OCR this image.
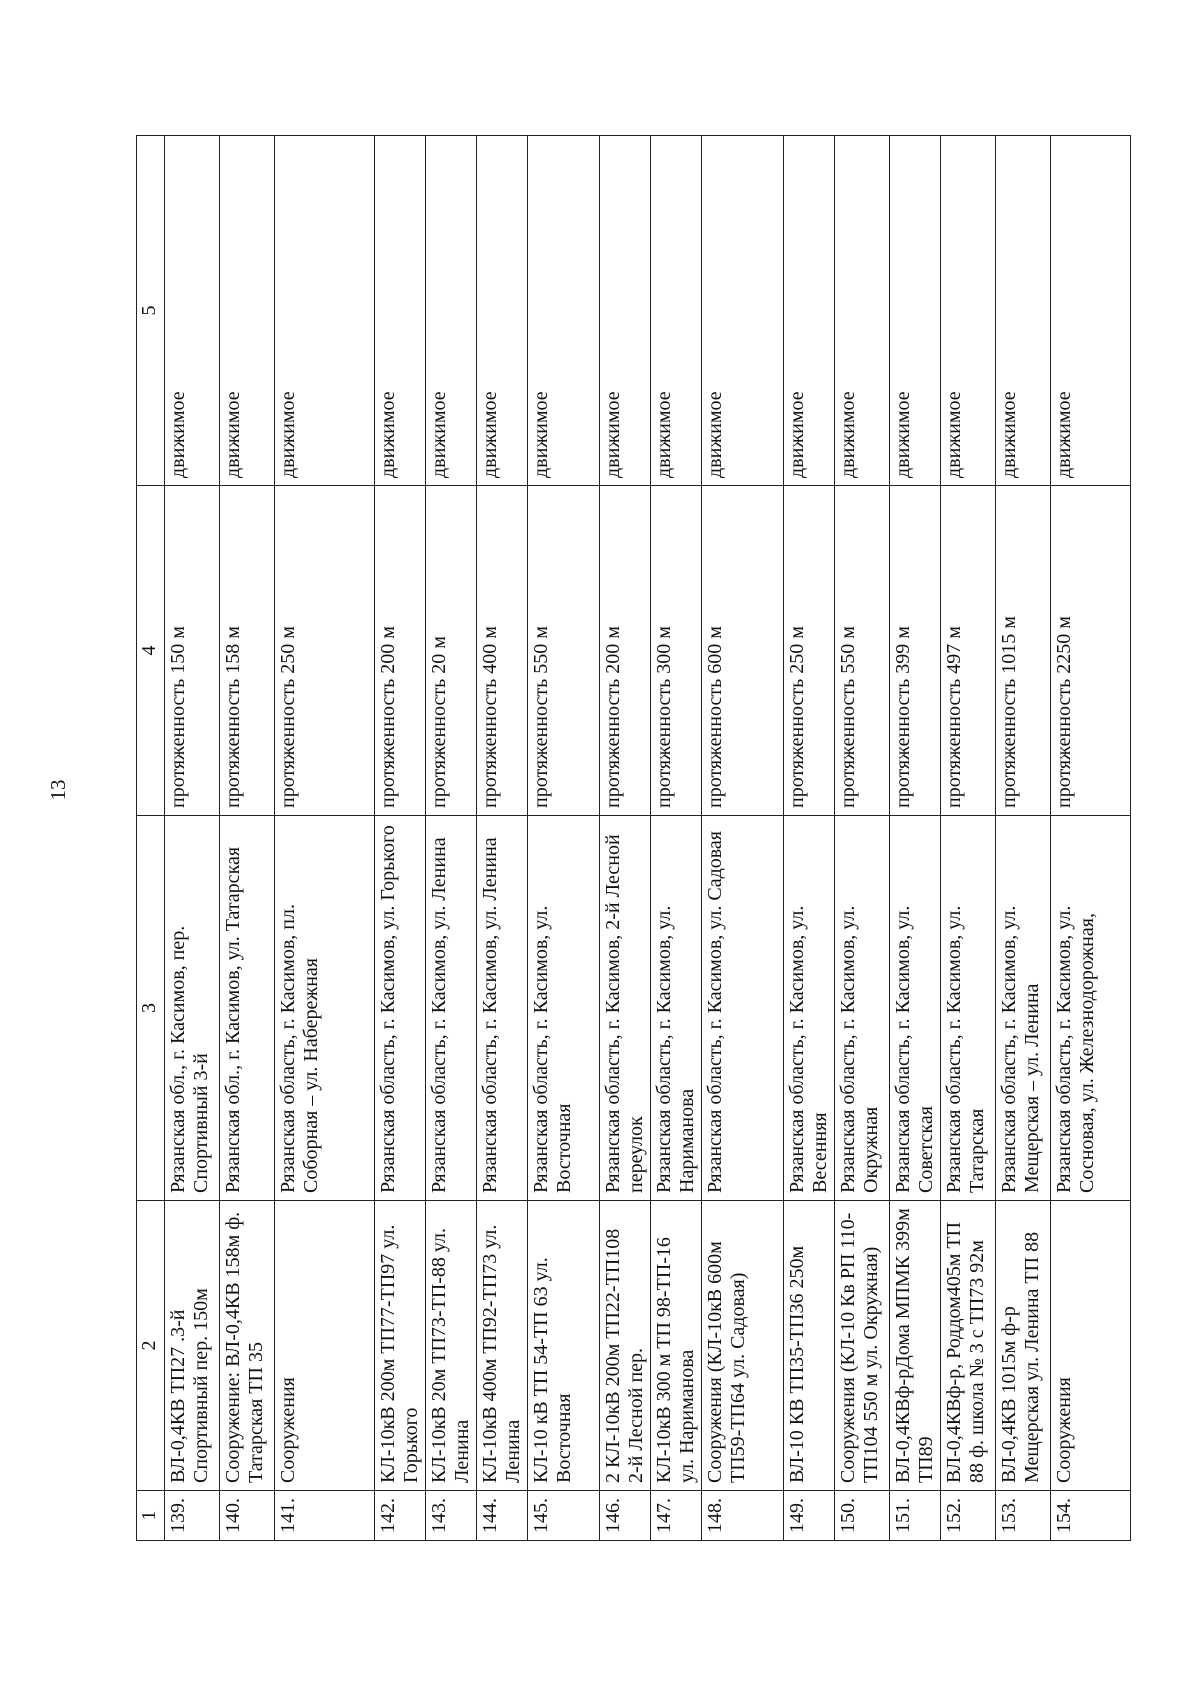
13
1	2	3	4	5
139.	ВЛ-0,4КВ ТП27 .3-й Спортивный пер. 150м	Рязанская обл., г. Касимов, пер. Спортивный 3-й	протяженность 150 м	движимое
140.	Сооружение: ВЛ-0,4КВ 158м ф. Татарская ТП 35	Рязанская обл., г. Касимов, ул. Татарская	протяженность 158 м	движимое
141.	Сооружения	Рязанская область, г. Касимов, пл. Соборная – ул. Набережная	протяженность 250 м	движимое
142.	КЛ-10кВ 200м ТП77-ТП97 ул. Горького	Рязанская область, г. Касимов, ул. Горького	протяженность 200 м	движимое
143.	КЛ-10кВ 20м ТП73-ТП-88 ул. Ленина	Рязанская область, г. Касимов, ул. Ленина	протяженность 20 м	движимое
144.	КЛ-10кВ 400м ТП92-ТП73 ул. Ленина	Рязанская область, г. Касимов, ул. Ленина	протяженность 400 м	движимое
145.	КЛ-10 кВ ТП 54-ТП 63 ул. Восточная	Рязанская область, г. Касимов, ул. Восточная	протяженность 550 м	движимое
146.	2 КЛ-10кВ 200м ТП22-ТП108 2-й Лесной пер.	Рязанская область, г. Касимов, 2-й Лесной переулок	протяженность 200 м	движимое
147.	КЛ-10кВ 300 м ТП 98-ТП-16 ул. Нариманова	Рязанская область, г. Касимов, ул. Нариманова	протяженность 300 м	движимое
148.	Сооружения (КЛ-10кВ 600м ТП59-ТП64 ул. Садовая)	Рязанская область, г. Касимов, ул. Садовая	протяженность 600 м	движимое
149.	ВЛ-10 КВ ТП35-ТП36 250м	Рязанская область, г. Касимов, ул. Весенняя	протяженность 250 м	движимое
150.	Сооружения (КЛ-10 Кв РП 110-ТП104 550 м ул. Окружная)	Рязанская область, г. Касимов, ул. Окружная	протяженность 550 м	движимое
151.	ВЛ-0,4КВф-рДома МПМК 399м ТП89	Рязанская область, г. Касимов, ул. Советская	протяженность 399 м	движимое
152.	ВЛ-0,4КВф-р, Роддом405м ТП 88 ф. школа № 3 с ТП73 92м	Рязанская область, г. Касимов, ул. Татарская	протяженность 497 м	движимое
153.	ВЛ-0,4КВ 1015м ф-р Мещерская ул. Ленина ТП 88	Рязанская область, г. Касимов, ул. Мещерская – ул. Ленина	протяженность 1015 м	движимое
154.	Сооружения	Рязанская область, г. Касимов, ул. Сосновая, ул. Железнодорожная,	протяженность 2250 м	движимое
